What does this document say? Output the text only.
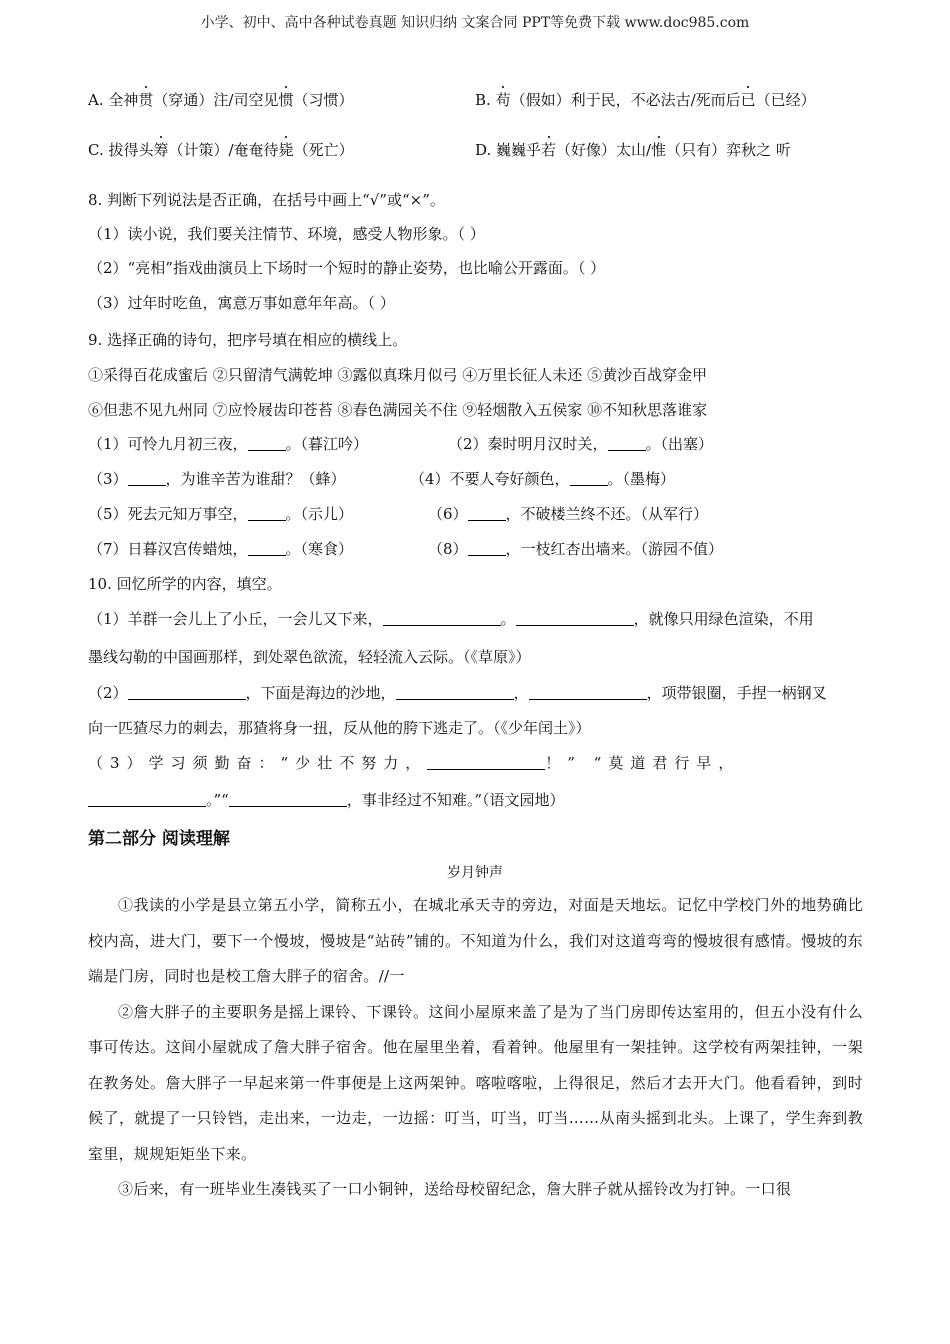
小学、初中、高中各种试卷真题 知识归纳 文案合同 PPT等免费下载 www.doc985.com
A. 全神贯（穿通）注/司空见惯（习惯）	B. 苟（假如）利于民，不必法古/死而后已（已经）
C. 拔得头筹（计策）/奄奄待毙（死亡）	D. 巍巍乎若（好像）太山/惟（只有）弈秋之 听
8. 判断下列说法是否正确，在括号中画上“√”或“×”。
（1）读小说，我们要关注情节、环境，感受人物形象。（ ）
（2）“亮相”指戏曲演员上下场时一个短时的静止姿势，也比喻公开露面。（ ）
（3）过年时吃鱼，寓意万事如意年年高。（ ）
9. 选择正确的诗句，把序号填在相应的横线上。
①采得百花成蜜后 ②只留清气满乾坤 ③露似真珠月似弓 ④万里长征人未还 ⑤黄沙百战穿金甲
⑥但悲不见九州同 ⑦应怜屐齿印苍苔 ⑧春色满园关不住 ⑨轻烟散入五侯家 ⑩不知秋思落谁家
（1）可怜九月初三夜，	。（暮江吟）	（2）秦时明月汉时关，	。（出塞）
（3）	，为谁辛苦为谁甜？（蜂）	（4）不要人夸好颜色，	。（墨梅）
（5）死去元知万事空，	。（示儿）	（6）	，不破楼兰终不还。（从军行）
（7）日暮汉宫传蜡烛，	。（寒食）	（8）	，一枝红杏出墙来。（游园不值）
10. 回忆所学的内容，填空。
（1）羊群一会儿上了小丘，一会儿又下来，	。	，就像只用绿色渲染，不用
墨线勾勒的中国画那样，到处翠色欲流，轻轻流入云际。（《草原》）
（2）	，下面是海边的沙地，	，	，项带银圈，手捏一柄钢叉
向一匹猹尽力的刺去，那猹将身一扭，反从他的胯下逃走了。（《少年闰土》）
（3）学习须勤奋：“少壮不努力，	！” “莫道君行早，
。”“	，事非经过不知难。”（语文园地）
第二部分 阅读理解
岁月钟声

①我读的小学是县立第五小学，简称五小，在城北承天寺的旁边，对面是天地坛。记忆中学校门外的地势确比校内高，进大门，要下一个慢坡，慢坡是“站砖”铺的。不知道为什么，我们对这道弯弯的慢坡很有感情。慢坡的东端是门房，同时也是校工詹大胖子的宿舍。//一

②詹大胖子的主要职务是摇上课铃、下课铃。这间小屋原来盖了是为了当门房即传达室用的，但五小没有什么事可传达。这间小屋就成了詹大胖子宿舍。他在屋里坐着，看着钟。他屋里有一架挂钟。这学校有两架挂钟，一架在教务处。詹大胖子一早起来第一件事便是上这两架钟。喀啦喀啦，上得很足，然后才去开大门。他看看钟，到时候了，就提了一只铃铛，走出来，一边走，一边摇：叮当，叮当，叮当……从南头摇到北头。上课了，学生奔到教室里，规规矩矩坐下来。

③后来，有一班毕业生凑钱买了一口小铜钟，送给母校留纪念，詹大胖子就从摇铃改为打钟。一口很
